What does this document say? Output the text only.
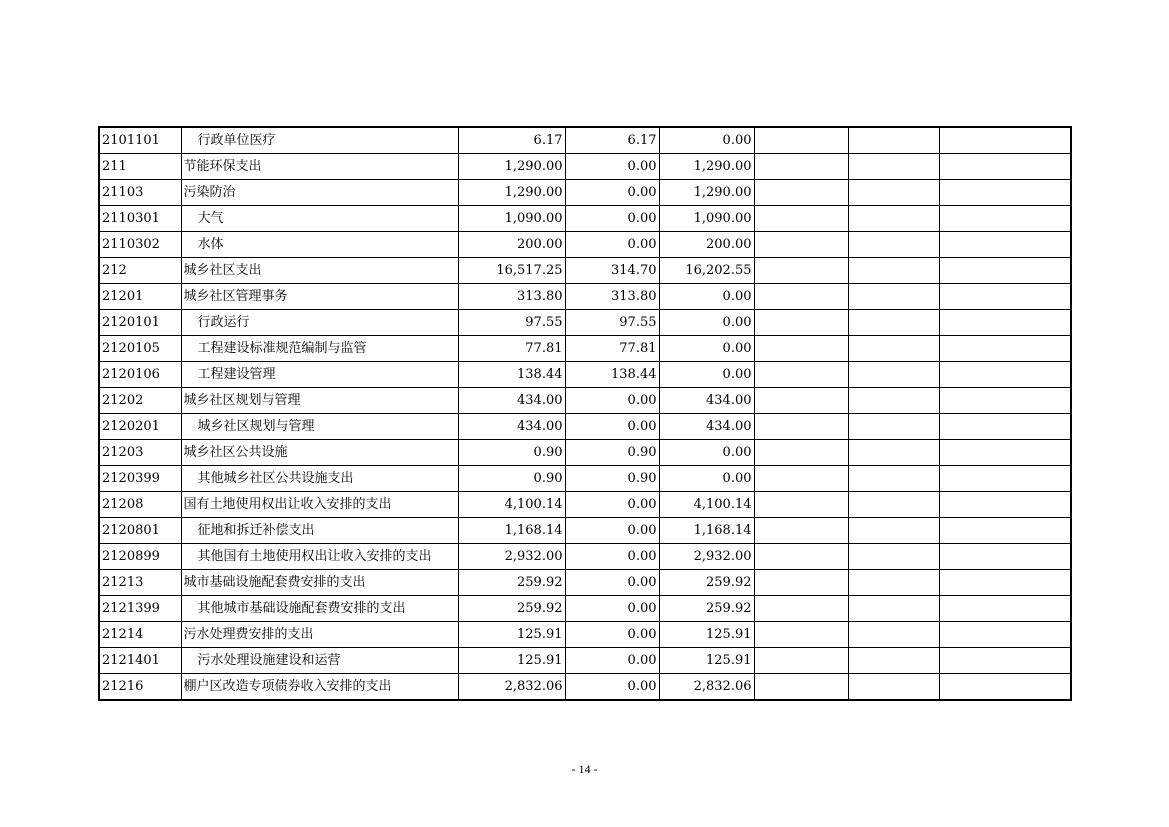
2101101	行政单位医疗	6.17	6.17	0.00			
211	节能环保支出	1,290.00	0.00	1,290.00			
21103	污染防治	1,290.00	0.00	1,290.00			
2110301	大气	1,090.00	0.00	1,090.00			
2110302	水体	200.00	0.00	200.00			
212	城乡社区支出	16,517.25	314.70	16,202.55			
21201	城乡社区管理事务	313.80	313.80	0.00			
2120101	行政运行	97.55	97.55	0.00			
2120105	工程建设标准规范编制与监管	77.81	77.81	0.00			
2120106	工程建设管理	138.44	138.44	0.00			
21202	城乡社区规划与管理	434.00	0.00	434.00			
2120201	城乡社区规划与管理	434.00	0.00	434.00			
21203	城乡社区公共设施	0.90	0.90	0.00			
2120399	其他城乡社区公共设施支出	0.90	0.90	0.00			
21208	国有土地使用权出让收入安排的支出	4,100.14	0.00	4,100.14			
2120801	征地和拆迁补偿支出	1,168.14	0.00	1,168.14			
2120899	其他国有土地使用权出让收入安排的支出	2,932.00	0.00	2,932.00			
21213	城市基础设施配套费安排的支出	259.92	0.00	259.92			
2121399	其他城市基础设施配套费安排的支出	259.92	0.00	259.92			
21214	污水处理费安排的支出	125.91	0.00	125.91			
2121401	污水处理设施建设和运营	125.91	0.00	125.91			
21216	棚户区改造专项债券收入安排的支出	2,832.06	0.00	2,832.06			
- 14 -
